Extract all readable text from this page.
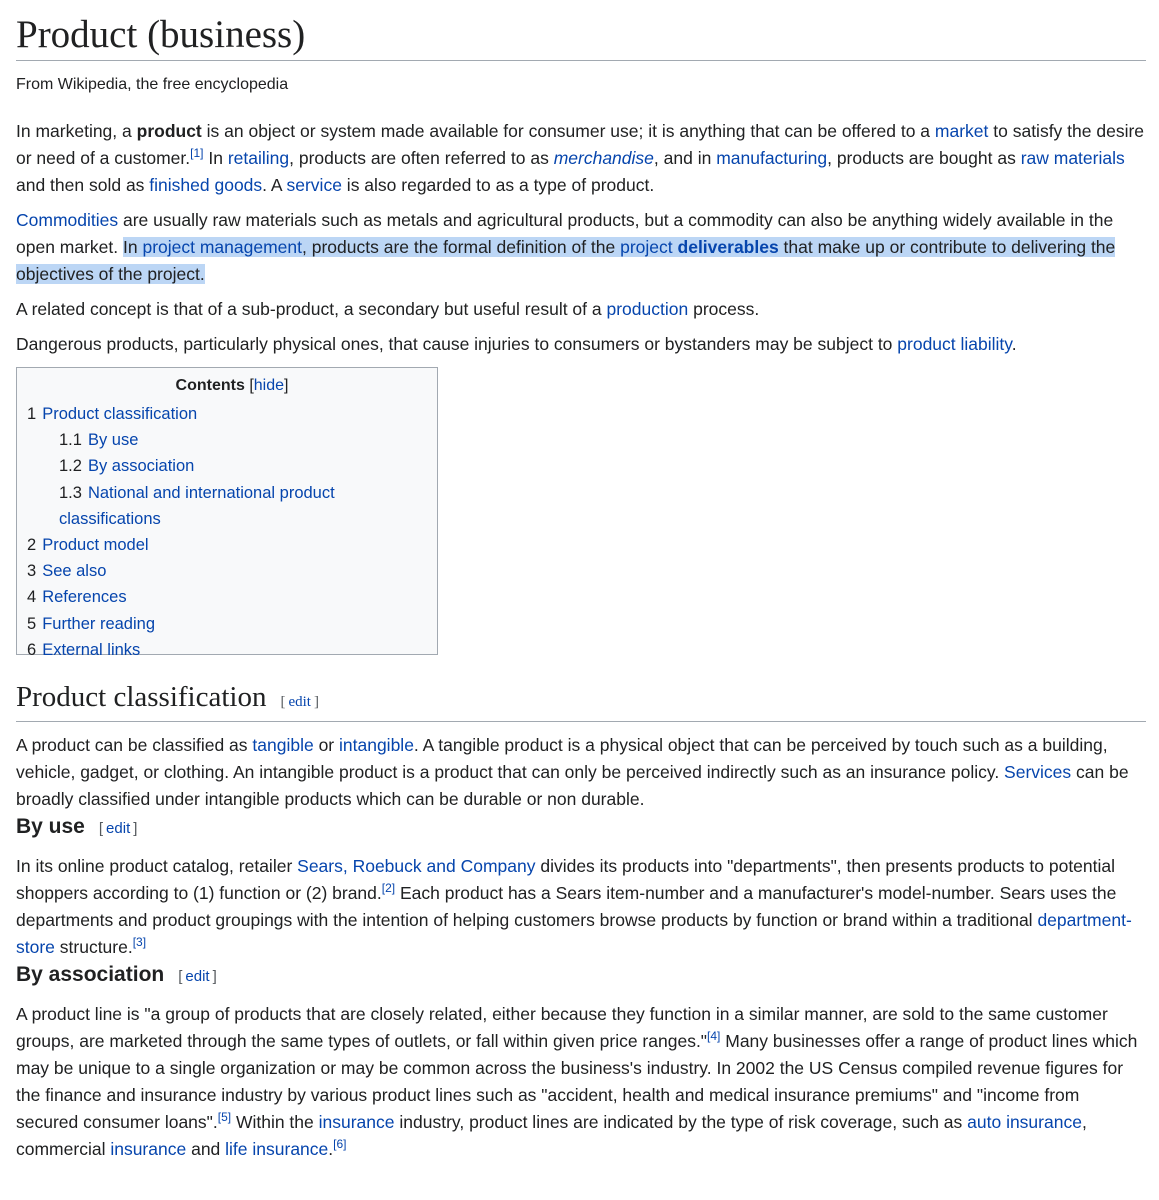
Product (business)
From Wikipedia, the free encyclopedia

In marketing, a product is an object or system made available for consumer use; it is anything that can be offered to a market to satisfy the desire or need of a customer.[1] In retailing, products are often referred to as merchandise, and in manufacturing, products are bought as raw materials and then sold as finished goods. A service is also regarded to as a type of product.

Commodities are usually raw materials such as metals and agricultural products, but a commodity can also be anything widely available in the open market. In project management, products are the formal definition of the project deliverables that make up or contribute to delivering the objectives of the project.

A related concept is that of a sub-product, a secondary but useful result of a production process.

Dangerous products, particularly physical ones, that cause injuries to consumers or bystanders may be subject to product liability.

Contents [hide]
1 Product classification
1.1 By use
1.2 By association
1.3 National and international product classifications
2 Product model
3 See also
4 References
5 Further reading
6 External links
Product classification [ edit ]

A product can be classified as tangible or intangible. A tangible product is a physical object that can be perceived by touch such as a building, vehicle, gadget, or clothing. An intangible product is a product that can only be perceived indirectly such as an insurance policy. Services can be broadly classified under intangible products which can be durable or non durable.

By use [ edit ]

In its online product catalog, retailer Sears, Roebuck and Company divides its products into "departments", then presents products to potential shoppers according to (1) function or (2) brand.[2] Each product has a Sears item-number and a manufacturer's model-number. Sears uses the departments and product groupings with the intention of helping customers browse products by function or brand within a traditional department-store structure.[3]

By association [ edit ]

A product line is "a group of products that are closely related, either because they function in a similar manner, are sold to the same customer groups, are marketed through the same types of outlets, or fall within given price ranges."[4] Many businesses offer a range of product lines which may be unique to a single organization or may be common across the business's industry. In 2002 the US Census compiled revenue figures for the finance and insurance industry by various product lines such as "accident, health and medical insurance premiums" and "income from secured consumer loans".[5] Within the insurance industry, product lines are indicated by the type of risk coverage, such as auto insurance, commercial insurance and life insurance.[6]
